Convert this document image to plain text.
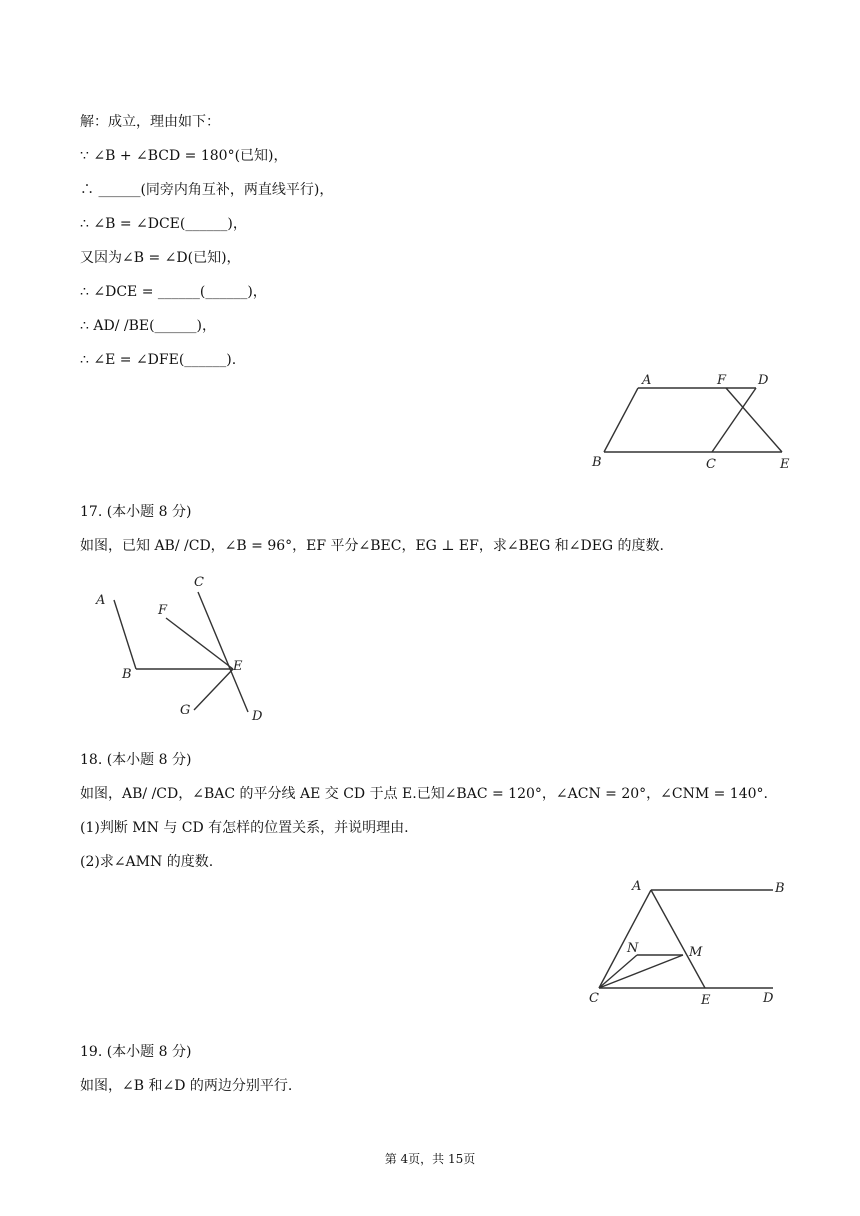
解：成立，理由如下：
∵ ∠B + ∠BCD = 180°(已知)，
∴ ______(同旁内角互补，两直线平行)，
∴ ∠B = ∠DCE(______)，
又因为∠B = ∠D(已知)，
∴ ∠DCE = ______(______)，
∴ AD/ /BE(______)，
∴ ∠E = ∠DFE(______).
A	F D
B	C	E
17. (本小题 8 分)
如图，已知 AB/ /CD，∠B = 96°，EF 平分∠BEC，EG ⊥ EF，求∠BEG 和∠DEG 的度数.
A
C
F
E
B
G	D
18. (本小题 8 分)
如图，AB/ /CD，∠BAC 的平分线 AE 交 CD 于点 E.已知∠BAC = 120°，∠ACN = 20°，∠CNM = 140°.
(1)判断 MN 与 CD 有怎样的位置关系，并说明理由.
(2)求∠AMN 的度数.
A	B
N	M
C	E	D
19. (本小题 8 分)
如图，∠B 和∠D 的两边分别平行.
第 4页，共 15页
